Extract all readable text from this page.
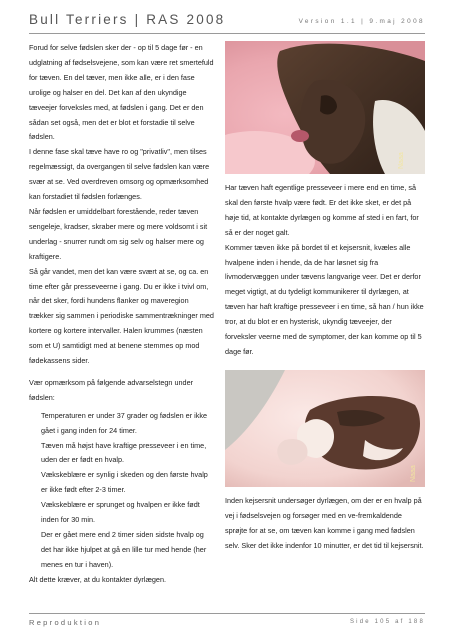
Bull Terriers | RAS 2008	Version 1.1 | 9.maj 2008

Forud for selve fødslen sker der - op til 5 dage før - en udglatning af fødselsvejene, som kan være ret smertefuld for tæven. En del tæver, men ikke alle, er i den fase urolige og halser en del. Det kan af den ukyndige tæveejer forveksles med, at fødslen i gang. Det er den sådan set også, men det er blot et forstadie til selve fødslen.

I denne fase skal tæve have ro og "privatliv", men tilses regelmæssigt, da overgangen til selve fødslen kan være svær at se. Ved overdreven omsorg og opmærksomhed kan forstadiet til fødslen forlænges.

Når fødslen er umiddelbart forestående, reder tæven sengeleje, kradser, skraber mere og mere voldsomt i sit underlag - snurrer rundt om sig selv og halser mere og kraftigere.

Så går vandet, men det kan være svært at se, og ca. en time efter går presseveerne i gang. Du er ikke i tvivl om, når det sker, fordi hundens flanker og maveregion trækker sig sammen i periodiske sammentrækninger med kortere og kortere intervaller. Halen krummes (næsten som et U) samtidigt med at benene stemmes op mod fødekassens sider.

Vær opmærksom på følgende advarselstegn under fødslen:

Temperaturen er under 37 grader og fødslen er ikke gået i gang inden for 24 timer.

Tæven må højst have kraftige presseveer i en time, uden der er født en hvalp.

Vækskeblære er synlig i skeden og den første hvalp er ikke født efter 2-3 timer.

Vækskeblære er sprunget og hvalpen er ikke født inden for 30 min.

Der er gået mere end 2 timer siden sidste hvalp og det har ikke hjulpet at gå en lille tur med hende (her menes en tur i haven).

Alt dette kræver, at du kontakter dyrlægen.

Naaa

Har tæven haft egentlige presseveer i mere end en time, så skal den første hvalp være født. Er det ikke sket, er det på høje tid, at kontakte dyrlægen og komme af sted i en fart, for så er der noget galt.

Kommer tæven ikke på bordet til et kejsersnit, kvæles alle hvalpene inden i hende, da de har løsnet sig fra livmodervæggen under tævens langvarige veer. Det er derfor meget vigtigt, at du tydeligt kommunikerer til dyrlægen, at tæven har haft kraftige presseveer i en time, så han / hun ikke tror, at du blot er en hysterisk, ukyndig tæveejer, der forveksler veerne med de symptomer, der kan komme op til 5 dage før.

Naaa

Inden kejsersnit undersøger dyrlægen, om der er en hvalp på vej i fødselsvejen og forsøger med en ve-fremkaldende sprøjte for at se, om tæven kan komme i gang med fødslen selv. Sker det ikke indenfor 10 minutter, er det tid til kejsersnit.

Reproduktion	Side 105 af 188
